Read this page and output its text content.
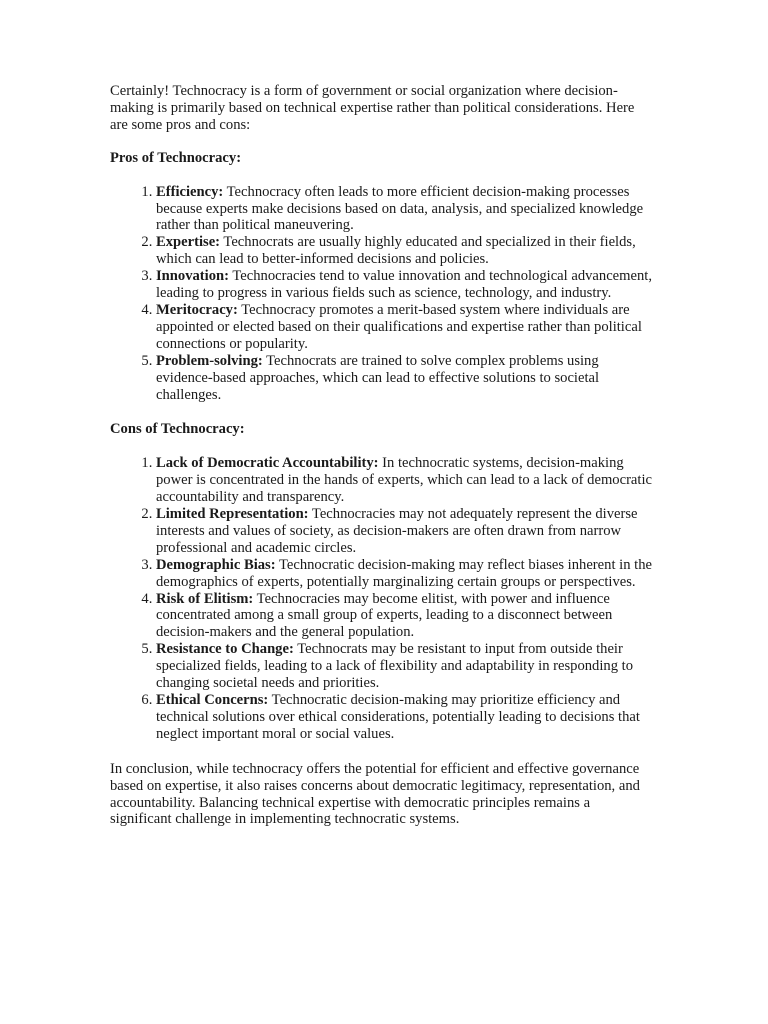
Certainly! Technocracy is a form of government or social organization where decision-making is primarily based on technical expertise rather than political considerations. Here are some pros and cons:

Pros of Technocracy:
1. Efficiency: Technocracy often leads to more efficient decision-making processes because experts make decisions based on data, analysis, and specialized knowledge rather than political maneuvering.
2. Expertise: Technocrats are usually highly educated and specialized in their fields, which can lead to better-informed decisions and policies.
3. Innovation: Technocracies tend to value innovation and technological advancement, leading to progress in various fields such as science, technology, and industry.
4. Meritocracy: Technocracy promotes a merit-based system where individuals are appointed or elected based on their qualifications and expertise rather than political connections or popularity.
5. Problem-solving: Technocrats are trained to solve complex problems using evidence-based approaches, which can lead to effective solutions to societal challenges.
Cons of Technocracy:
1. Lack of Democratic Accountability: In technocratic systems, decision-making power is concentrated in the hands of experts, which can lead to a lack of democratic accountability and transparency.
2. Limited Representation: Technocracies may not adequately represent the diverse interests and values of society, as decision-makers are often drawn from narrow professional and academic circles.
3. Demographic Bias: Technocratic decision-making may reflect biases inherent in the demographics of experts, potentially marginalizing certain groups or perspectives.
4. Risk of Elitism: Technocracies may become elitist, with power and influence concentrated among a small group of experts, leading to a disconnect between decision-makers and the general population.
5. Resistance to Change: Technocrats may be resistant to input from outside their specialized fields, leading to a lack of flexibility and adaptability in responding to changing societal needs and priorities.
6. Ethical Concerns: Technocratic decision-making may prioritize efficiency and technical solutions over ethical considerations, potentially leading to decisions that neglect important moral or social values.

In conclusion, while technocracy offers the potential for efficient and effective governance based on expertise, it also raises concerns about democratic legitimacy, representation, and accountability. Balancing technical expertise with democratic principles remains a significant challenge in implementing technocratic systems.
